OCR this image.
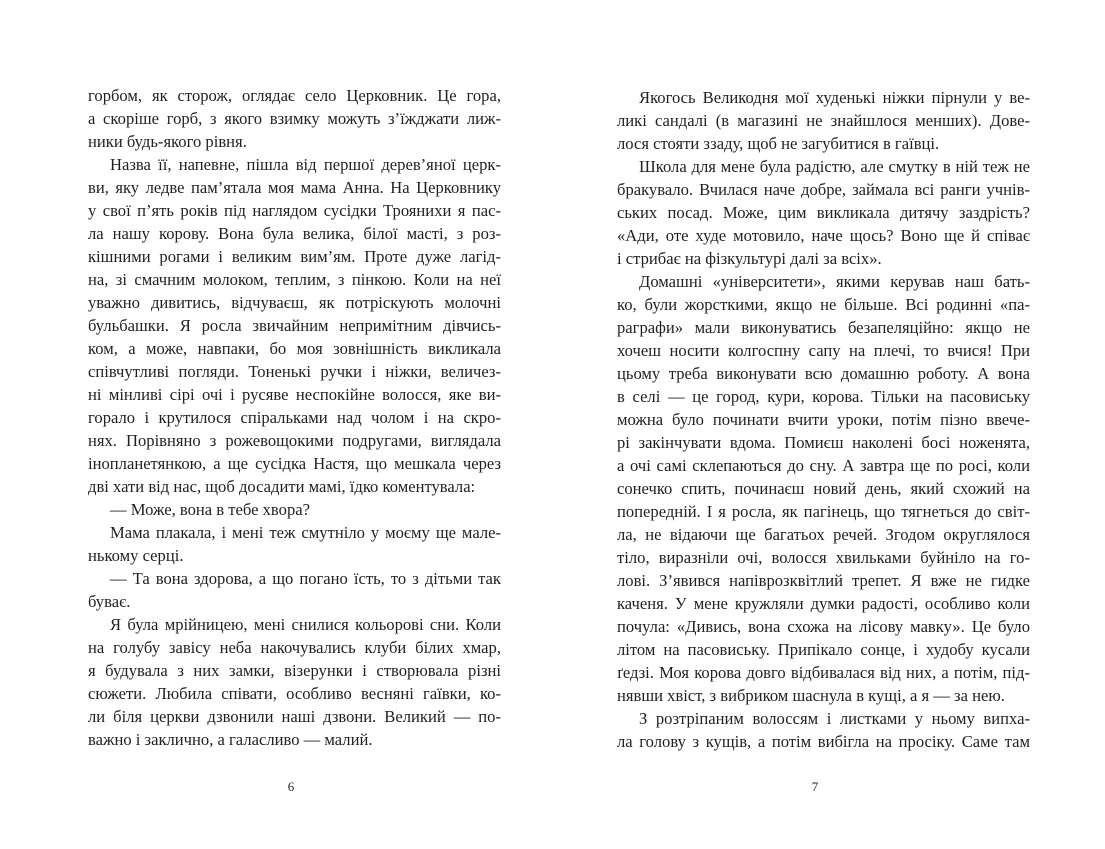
горбом, як сторож, оглядає село Церковник. Це гора,
а скоріше горб, з якого взимку можуть з’їжджати лиж-
ники будь-якого рівня.
Назва її, напевне, пішла від першої дерев’яної церк-
ви, яку ледве пам’ятала моя мама Анна. На Церковнику
у свої п’ять років під наглядом сусідки Троянихи я пас-
ла нашу корову. Вона була велика, білої масті, з роз-
кішними рогами і великим вим’ям. Проте дуже лагід-
на, зі смачним молоком, теплим, з пінкою. Коли на неї
уважно дивитись, відчуваєш, як потріскують молочні
бульбашки. Я росла звичайним непримітним дівчись-
ком, а може, навпаки, бо моя зовнішність викликала
співчутливі погляди. Тоненькі ручки і ніжки, величез-
ні мінливі сірі очі і русяве неспокійне волосся, яке ви-
горало і крутилося спіральками над чолом і на скро-
нях. Порівняно з рожевощокими подругами, виглядала
інопланетянкою, а ще сусідка Настя, що мешкала через
дві хати від нас, щоб досадити мамі, їдко коментувала:
— Може, вона в тебе хвора?
Мама плакала, і мені теж смутніло у моєму ще мале-
нькому серці.
— Та вона здорова, а що погано їсть, то з дітьми так
буває.
Я була мрійницею, мені снилися кольорові сни. Коли
на голубу завісу неба накочувались клуби білих хмар,
я будувала з них замки, візерунки і створювала різні
сюжети. Любила співати, особливо весняні гаївки, ко-
ли біля церкви дзвонили наші дзвони. Великий — по-
важно і заклично, а галасливо — малий.
Якогось Великодня мої худенькі ніжки пірнули у ве-
ликі сандалі (в магазині не знайшлося менших). Дове-
лося стояти ззаду, щоб не загубитися в гаївці.
Школа для мене була радістю, але смутку в ній теж не
бракувало. Вчилася наче добре, займала всі ранги учнів-
ських посад. Може, цим викликала дитячу заздрість?
«Ади, оте худе мотовило, наче щось? Воно ще й співає
і стрибає на фізкультурі далі за всіх».
Домашні «університети», якими керував наш бать-
ко, були жорсткими, якщо не більше. Всі родинні «па-
раграфи» мали виконуватись безапеляційно: якщо не
хочеш носити колгоспну сапу на плечі, то вчися! При
цьому треба виконувати всю домашню роботу. А вона
в селі — це город, кури, корова. Тільки на пасовиську
можна було починати вчити уроки, потім пізно ввече-
рі закінчувати вдома. Помиєш наколені босі ноженята,
а очі самі склепаються до сну. А завтра ще по росі, коли
сонечко спить, починаєш новий день, який схожий на
попередній. І я росла, як пагінець, що тягнеться до світ-
ла, не відаючи ще багатьох речей. Згодом округлялося
тіло, виразніли очі, волосся хвильками буйніло на го-
лові. З’явився напіврозквітлий трепет. Я вже не гидке
каченя. У мене кружляли думки радості, особливо коли
почула: «Дивись, вона схожа на лісову мавку». Це було
літом на пасовиську. Припікало сонце, і худобу кусали
ґедзі. Моя корова довго відбивалася від них, а потім, під-
нявши хвіст, з вибриком шаснула в кущі, а я — за нею.
З розтріпаним волоссям і листками у ньому випха-
ла голову з кущів, а потім вибігла на просіку. Саме там
6	7
